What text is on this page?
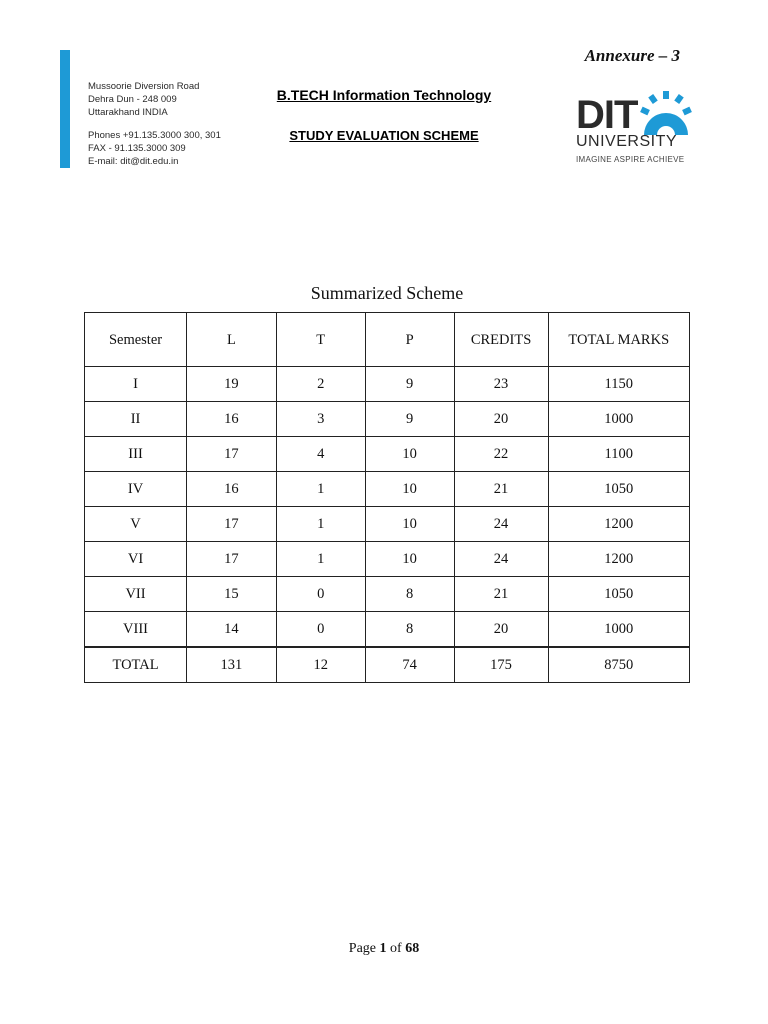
Mussoorie Diversion Road
Dehra Dun - 248 009
Uttarakhand INDIA
Phones +91.135.3000 300, 301
FAX - 91.135.3000 309
E-mail: dit@dit.edu.in
B.TECH Information Technology
STUDY EVALUATION SCHEME
Annexure – 3
DIT
UNIVERSITY
IMAGINE ASPIRE ACHIEVE
Summarized Scheme
Semester	L	T	P	CREDITS	TOTAL MARKS
I	19	2	9	23	1150
II	16	3	9	20	1000
III	17	4	10	22	1100
IV	16	1	10	21	1050
V	17	1	10	24	1200
VI	17	1	10	24	1200
VII	15	0	8	21	1050
VIII	14	0	8	20	1000
TOTAL	131	12	74	175	8750
Page 1 of 68
